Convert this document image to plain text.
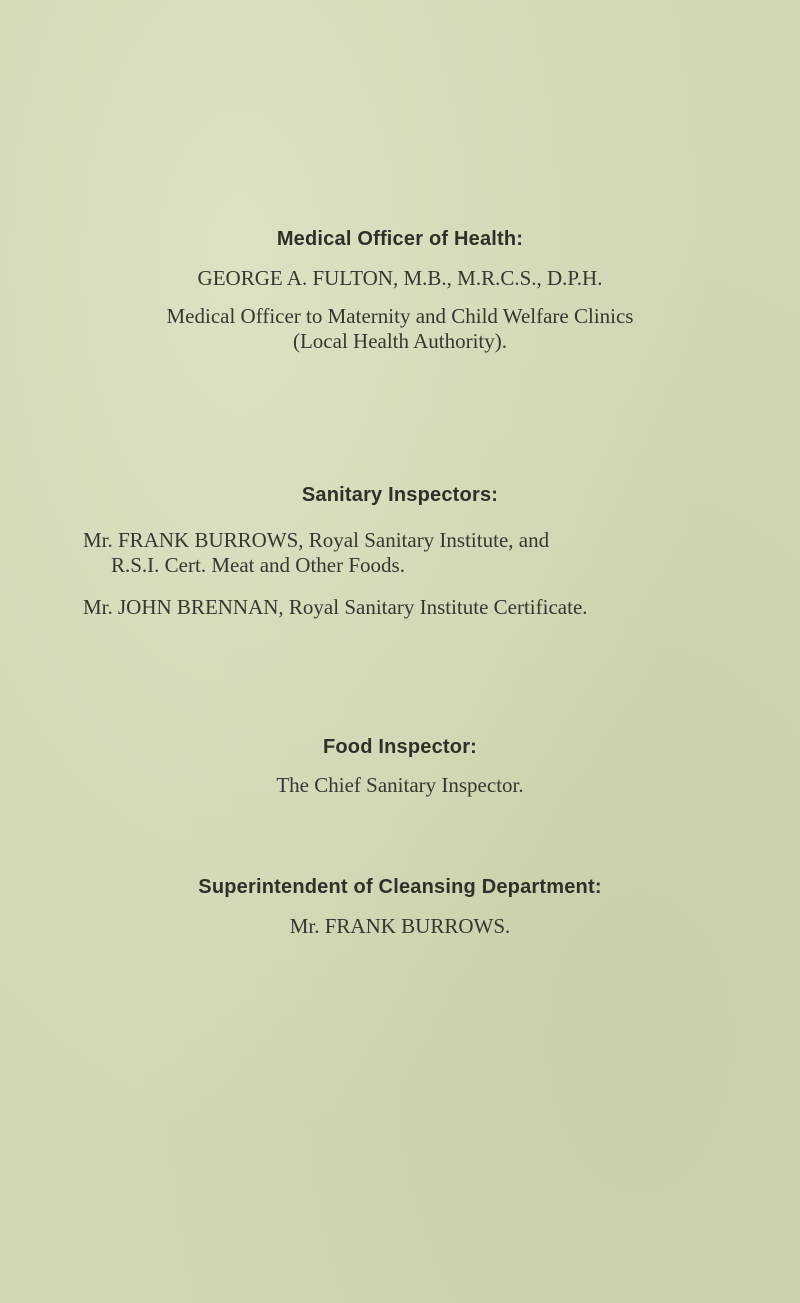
Medical Officer of Health:
GEORGE A. FULTON, M.B., M.R.C.S., D.P.H.
Medical Officer to Maternity and Child Welfare Clinics
(Local Health Authority).
Sanitary Inspectors:
Mr. FRANK BURROWS, Royal Sanitary Institute, and
R.S.I. Cert. Meat and Other Foods.
Mr. JOHN BRENNAN, Royal Sanitary Institute Certificate.
Food Inspector:
The Chief Sanitary Inspector.
Superintendent of Cleansing Department:
Mr. FRANK BURROWS.
